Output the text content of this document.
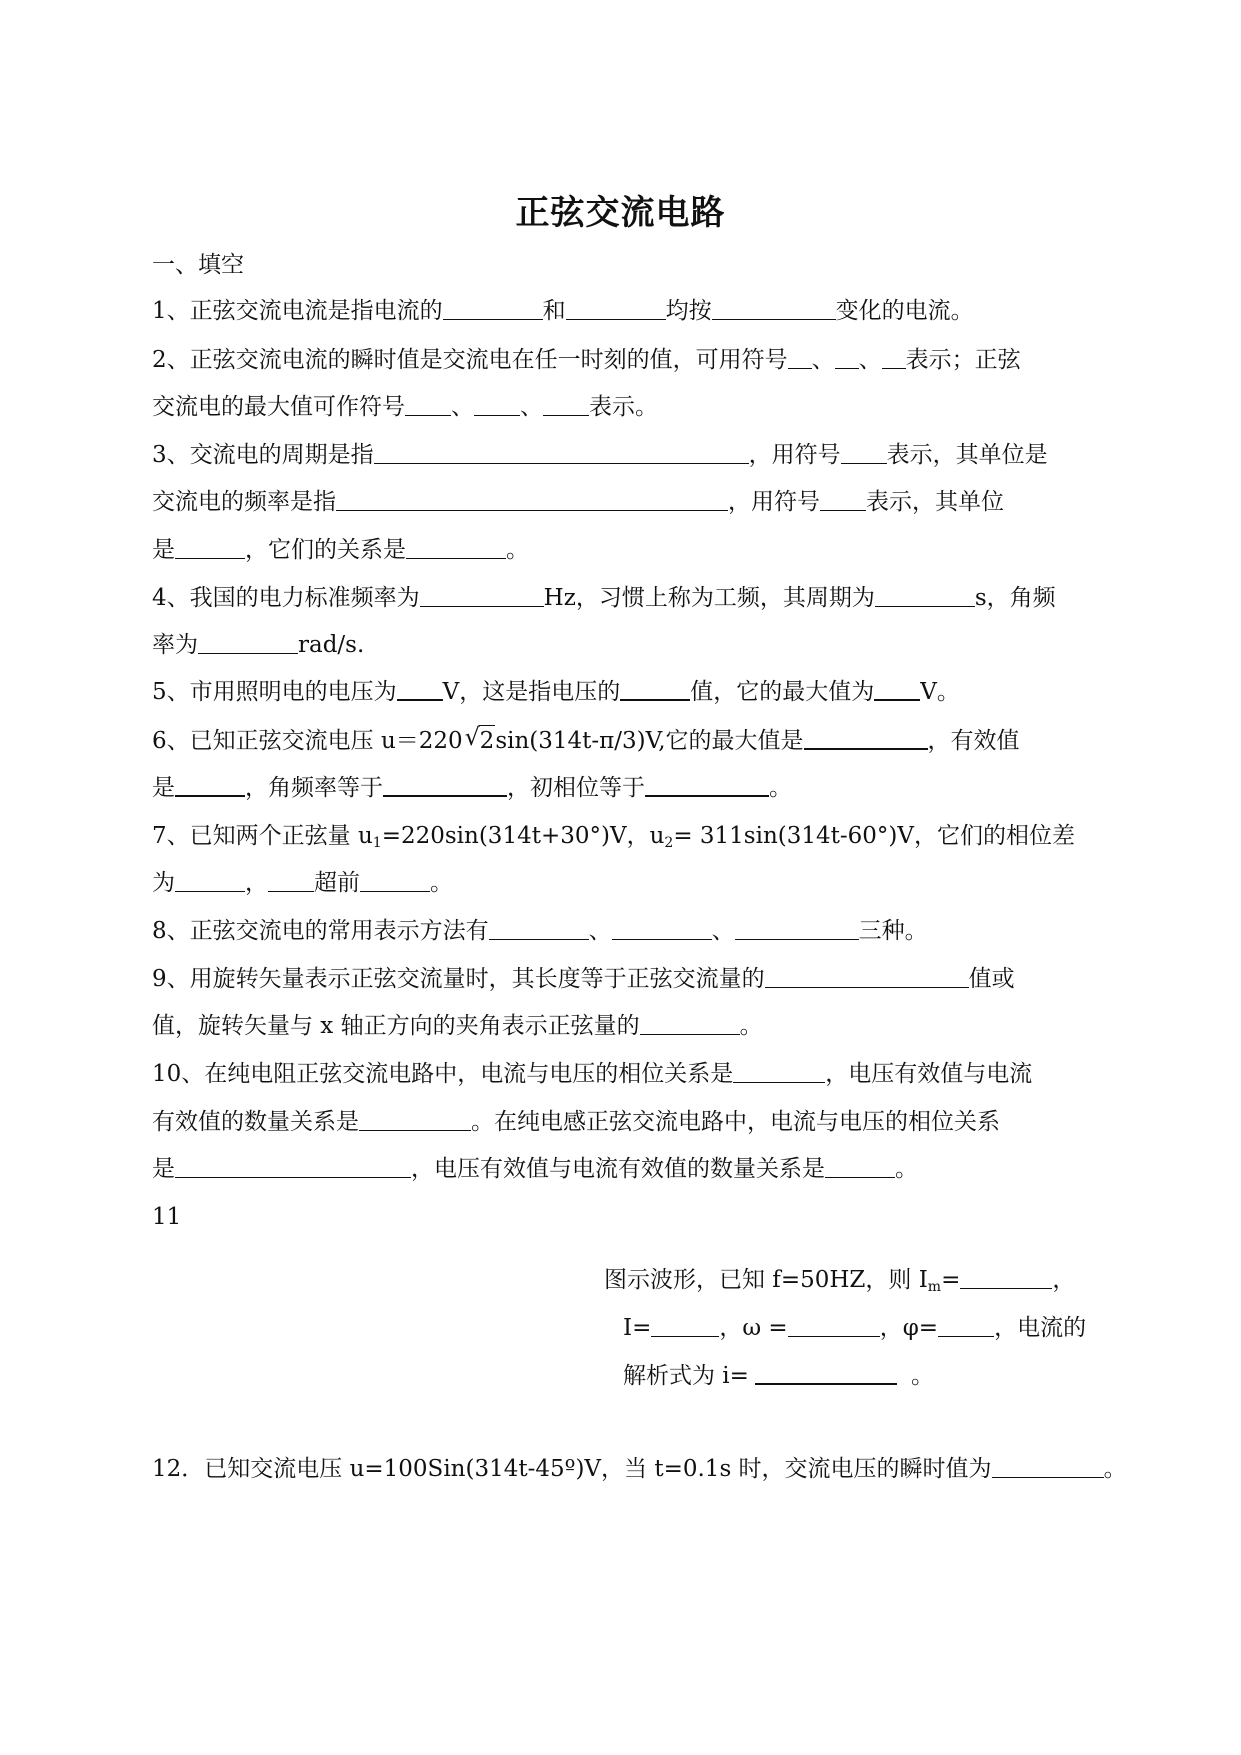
正弦交流电路
一、填空
1、正弦交流电流是指电流的	和	均按	变化的电流。
2、正弦交流电流的瞬时值是交流电在任一时刻的值，可用符号 、 、 表示；正弦
交流电的最大值可作符号 、 、 表示。
3、交流电的周期是指	，用符号 表示，其单位是
交流电的频率是指	，用符号 表示，其单位
是	，它们的关系是	。
4、我国的电力标准频率为	Hz，习惯上称为工频，其周期为	s，角频
率为	rad/s.
5、市用照明电的电压为 V，这是指电压的	值，它的最大值为 V。
6、已知正弦交流电压 u＝220√ 2sin(314t-π/3)V,它的最大值是	，有效值
是	，角频率等于	，初相位等于	。
7、已知两个正弦量 $u_1=220\sin(314t+30^\circ)V$，$u_2= 311\sin(314t-60^\circ)V$，它们的相位差
为	， 超前	。
8、正弦交流电的常用表示方法有	、	、	三种。
9、用旋转矢量表示正弦交流量时，其长度等于正弦交流量的	值或
值，旋转矢量与 x 轴正方向的夹角表示正弦量的	。
10、在纯电阻正弦交流电路中，电流与电压的相位关系是	，电压有效值与电流
有效值的数量关系是	。在纯电感正弦交流电路中，电流与电压的相位关系
是	，电压有效值与电流有效值的数量关系是	。
11
图示波形，已知 f=50HZ，则 $I_m=$	，
I=	，ω =	，φ= ，电流的
解析式为 i=	。
12．已知交流电压 u=100Sin(314t-45º)V，当 t=0.1s 时，交流电压的瞬时值为	。
